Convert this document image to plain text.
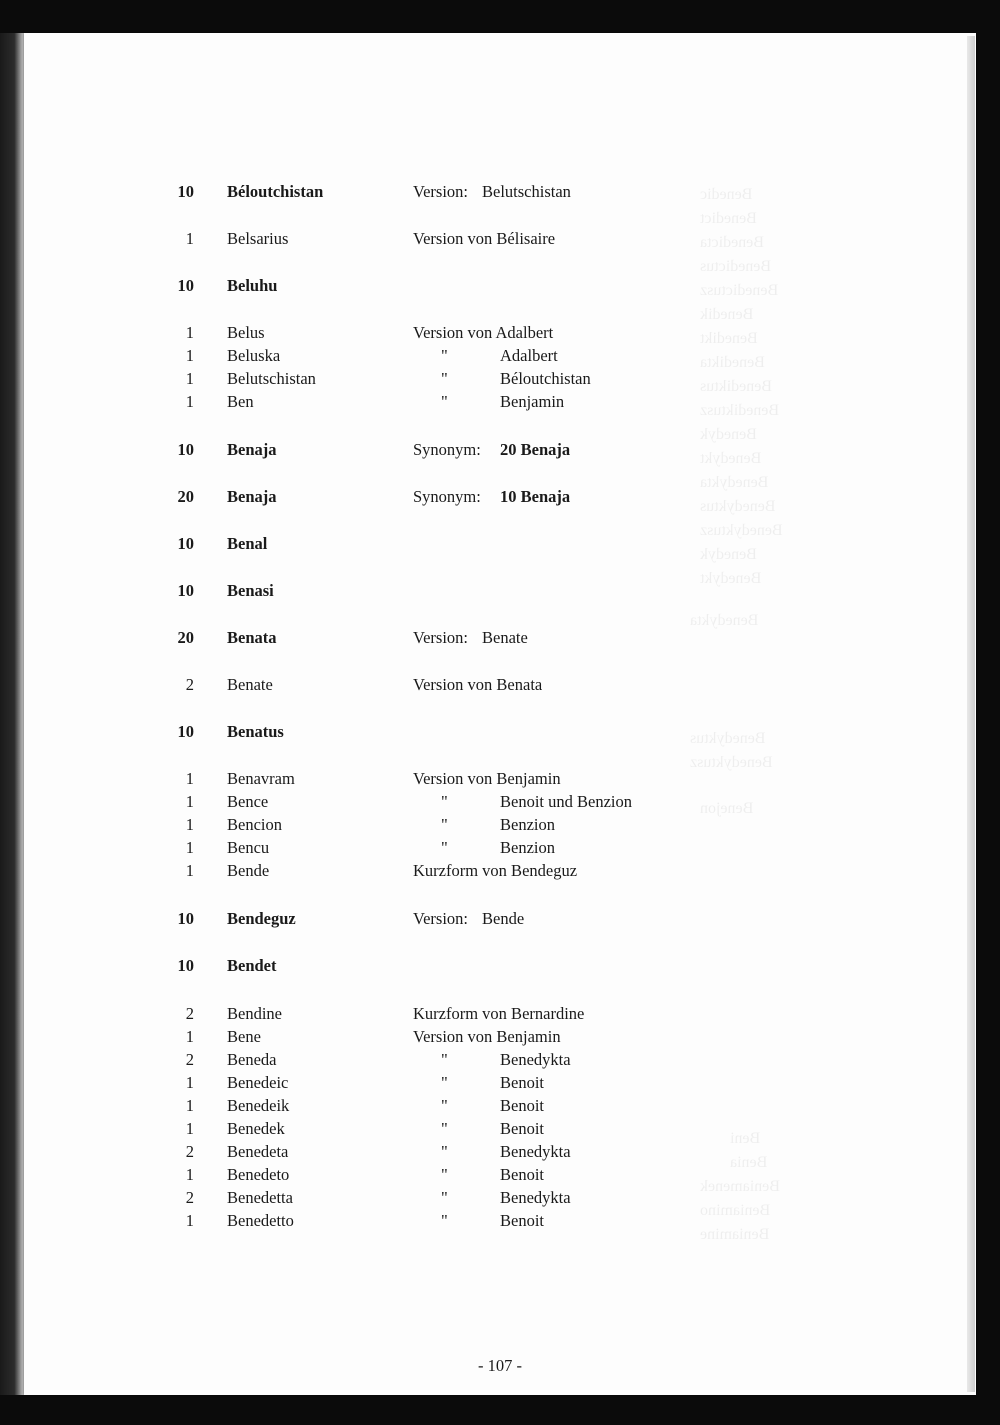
Benedic
Benedict
Benedicta
Benedictus
Benedictusz
Benedik
Benedikt
Benedikta
Benediktus
Benediktusz
Benedyk
Benedykt
Benedykta
Benedyktus
Benedyktusz
Benedyk
Benedykt
Benedykta
Benedyktus
Benedyktusz
Benejon
Beni
Benia
Beniamenek
Beniamino
Beniamine
10 Béloutchistan	Version: Belutschistan
1 Belsarius	Version von Bélisaire
10 Beluhu
1 Belus	Version von Adalbert
1 Beluska	"	Adalbert
1 Belutschistan	"	Béloutchistan
1 Ben	"	Benjamin
10 Benaja	Synonym: 20 Benaja
20 Benaja	Synonym: 10 Benaja
10 Benal
10 Benasi
20 Benata	Version: Benate
2 Benate	Version von Benata
10 Benatus
1 Benavram	Version von Benjamin
1 Bence	"	Benoit und Benzion
1 Bencion	"	Benzion
1 Bencu	"	Benzion
1 Bende	Kurzform von Bendeguz
10 Bendeguz	Version: Bende
10 Bendet
2 Bendine	Kurzform von Bernardine
1 Bene	Version von Benjamin
2 Beneda	"	Benedykta
1 Benedeic	"	Benoit
1 Benedeik	"	Benoit
1 Benedek	"	Benoit
2 Benedeta	"	Benedykta
1 Benedeto	"	Benoit
2 Benedetta	"	Benedykta
1 Benedetto	"	Benoit
- 107 -
